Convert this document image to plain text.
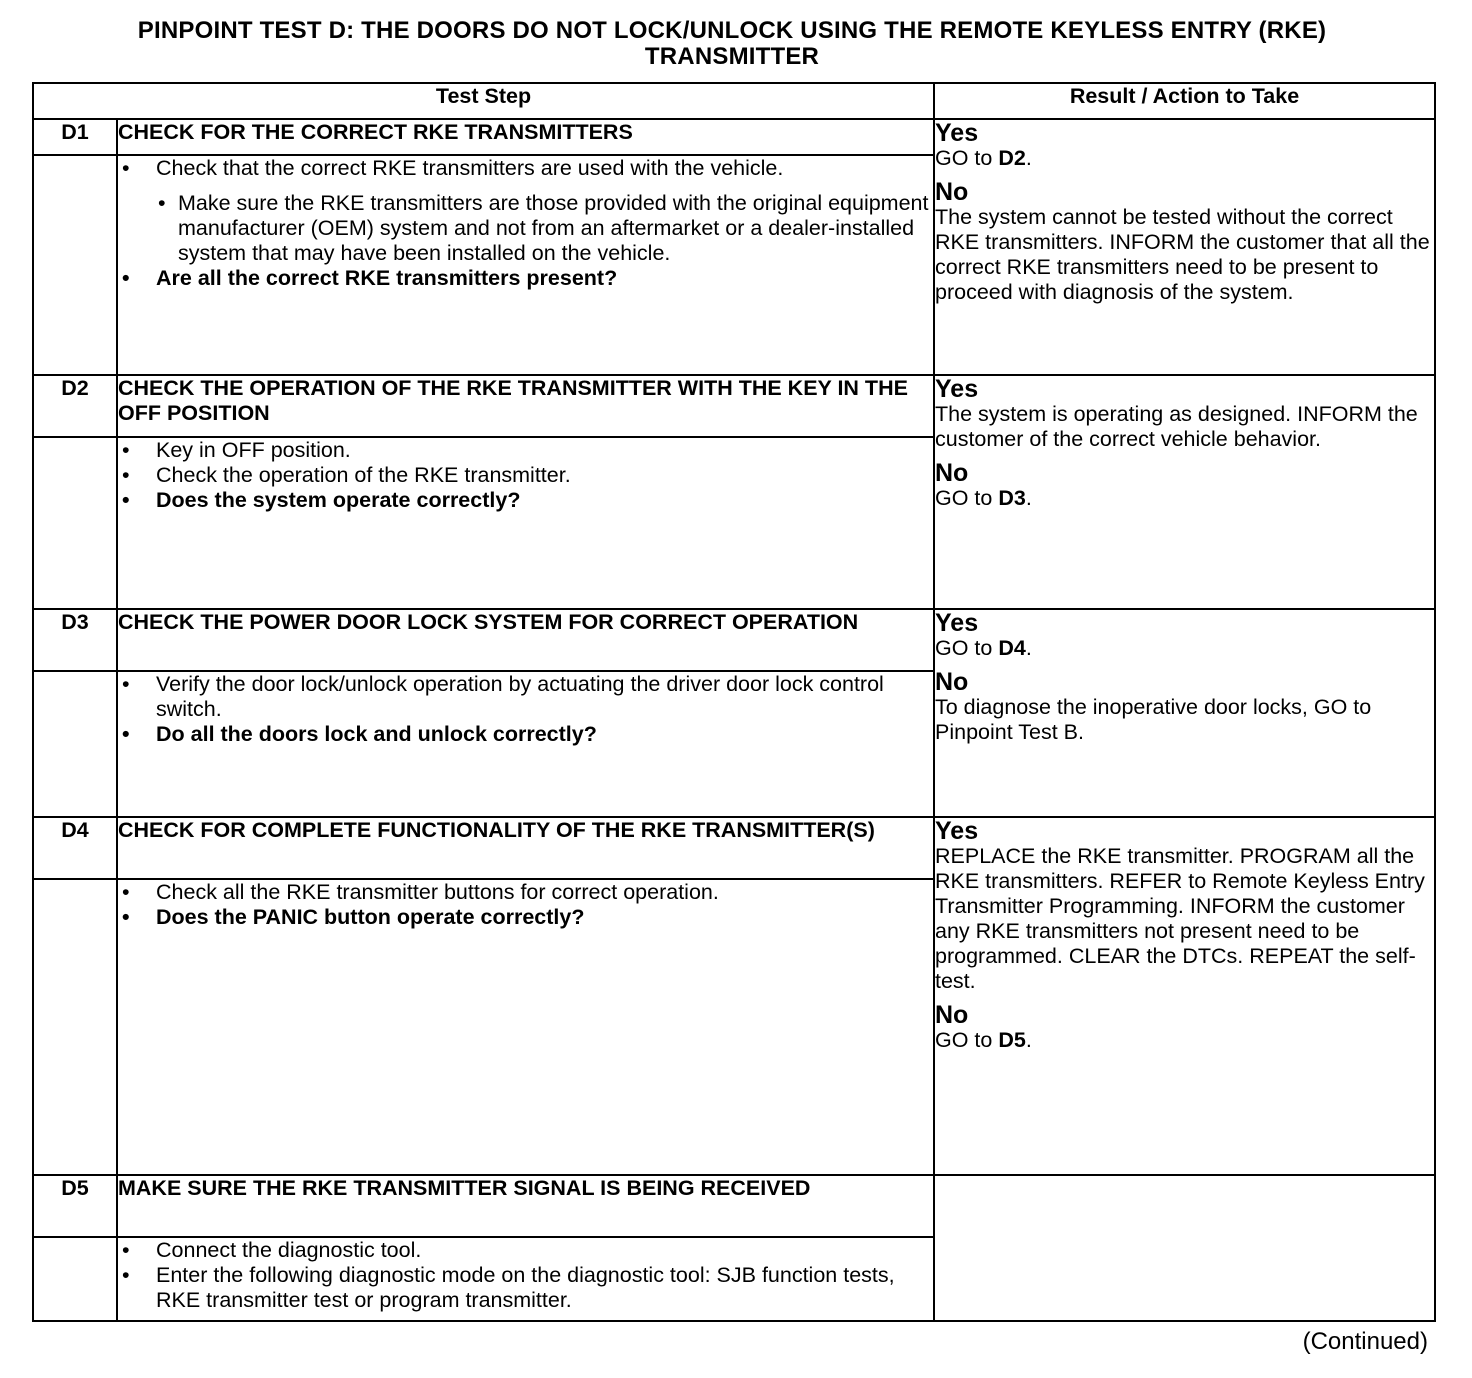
PINPOINT TEST D: THE DOORS DO NOT LOCK/UNLOCK USING THE REMOTE KEYLESS ENTRY (RKE)
TRANSMITTER
Test Step		Result / Action to Take
D1	CHECK FOR THE CORRECT RKE TRANSMITTERS	Yes
GO to D2.
No
The system cannot be tested without the correct RKE transmitters. INFORM the customer that all the correct RKE transmitters need to be present to proceed with diagnosis of the system.

	• Check that the correct RKE transmitters are used with the vehicle.
• Make sure the RKE transmitters are those provided with the original equipment manufacturer (OEM) system and not from an aftermarket or a dealer-installed system that may have been installed on the vehicle.
• Are all the correct RKE transmitters present?

D2	CHECK THE OPERATION OF THE RKE TRANSMITTER WITH THE KEY IN THE OFF POSITION	Yes
The system is operating as designed. INFORM the customer of the correct vehicle behavior.
No
GO to D3.

	• Key in OFF position.
• Check the operation of the RKE transmitter.
• Does the system operate correctly?

D3	CHECK THE POWER DOOR LOCK SYSTEM FOR CORRECT OPERATION	Yes
GO to D4.
No
To diagnose the inoperative door locks, GO to Pinpoint Test B.

	• Verify the door lock/unlock operation by actuating the driver door lock control switch.
• Do all the doors lock and unlock correctly?

D4	CHECK FOR COMPLETE FUNCTIONALITY OF THE RKE TRANSMITTER(S)	Yes
REPLACE the RKE transmitter. PROGRAM all the RKE transmitters. REFER to Remote Keyless Entry Transmitter Programming. INFORM the customer any RKE transmitters not present need to be programmed. CLEAR the DTCs. REPEAT the self-test.
No
GO to D5.

	• Check all the RKE transmitter buttons for correct operation.
• Does the PANIC button operate correctly?

D5	MAKE SURE THE RKE TRANSMITTER SIGNAL IS BEING RECEIVED	

	• Connect the diagnostic tool.
• Enter the following diagnostic mode on the diagnostic tool: SJB function tests, RKE transmitter test or program transmitter.
(Continued)
